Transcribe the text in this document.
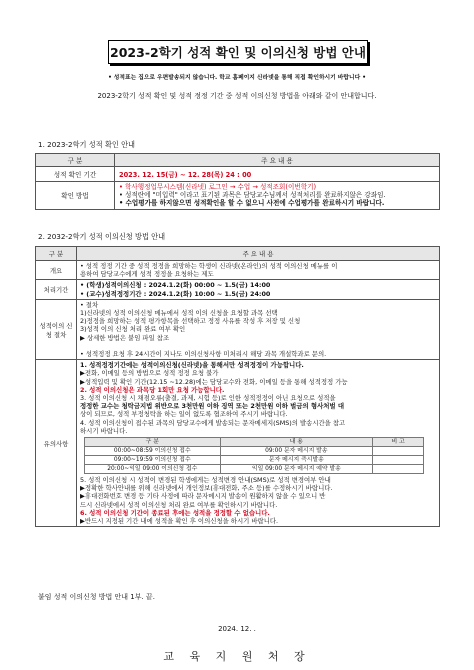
2023-2학기 성적 확인 및 이의신청 방법 안내
• 성적표는 집으로 우편발송되지 않습니다. 학교 홈페이지 신라넷을 통해 직접 확인하시기 바랍니다 •
2023-2학기 성적 확인 및 성적 정정 기간 중 성적 이의신청 방법을 아래와 같이 안내합니다.
1. 2023-2학기 성적 확인 안내
구 분	주 요 내 용
성적 확인 기간	2023. 12. 15(금) ~ 12. 28(목) 24 : 00
확인 방법	• 학사행정업무시스템(신라넷) 로그인 → 수업 → 성적조회(이번학기)
• 성적란에 "미입력" 이라고 표기된 과목은 담당교수님께서 성적처리를 완료하지않은 강좌임.
• 수업평가를 하지않으면 성적확인을 할 수 없으니 사전에 수업평가를 완료하시기 바랍니다.
2. 2032-2학기 성적 이의신청 방법 안내
구 분	주 요 내 용
개요	
• 성적 정정 기간 중 성적 정정을 희망하는 학생이 신라넷(온라인)의 성적 이의신청 메뉴를 이
용하여 담당교수에게 성적 정정을 요청하는 제도

처리기간	
• (학생)성적이의신청 : 2024.1.2(화) 00:00 ~ 1.5(금) 14:00
• (교수)성적정정기간 : 2024.1.2(화) 10:00 ~ 1.5(금) 24:00

성적이의 신청 절차	
• 절차
1)신라넷의 성적 이의신청 메뉴에서 성적 이의 신청을 요청할 과목 선택
2)정정을 희망하는 성적 평가항목을 선택하고 정정 사유를 작성 후 저장 및 신청
3)성적 이의 신청 처리 완료 여부 확인
▶ 상세한 방법은 붙임 파일 참조

• 성적정정 요청 후 24시간이 지나도 이의신청사항 미처리시 해당 과목 개설학과로 문의.

유의사항	
1. 성적정정기간에는 성적이의신청(신라넷)을 통해서만 성적정정이 가능합니다.
▶전화, 이메일 등의 방법으로 성적 정정 요청 불가
▶성적입력 및 확인 기간(12.15 ~12.28)에는 담당교수와 전화, 이메일 등을 통해 성적정정 가능
2. 성적 이의신청은 과목당 1회만 요청 가능합니다.
3. 성적 이의신청 시 채점오류(출결, 과제, 시험 등)로 인한 성적정정이 아닌 요청으로 성적을
정정한 교수는 청탁금지법 위반으로 3천만원 이하 징역 또는 2천만원 이하 벌금의 형사처벌 대
상이 되므로, 성적 부정청탁을 하는 일이 없도록 협조하여 주시기 바랍니다.
4. 성적 이의신청이 접수된 과목의 담당교수에게 발송되는 문자메세지(SMS)의 발송시간을 참고
하시기 바랍니다.
구 분	내 용	비 고
00:00~08:59 이의신청 접수	09:00 문자 메시지 발송	
09:00~19:59 이의신청 접수	문자 메시지 즉시발송	
20:00~익일 09:00 이의신청 접수	익일 09:00 문자 메시지 예약 발송	
5. 성적 이의신청 시 성적이 변경된 학생에게는 성적변경 안내(SMS)로 성적 변경여부 안내
▶정확한 학사안내를 위해 신라넷에서 개인정보(휴대전화, 주소 등)를 수정하시기 바랍니다.
▶휴대전화번호 변경 등 기타 사정에 따라 문자메시지 발송이 원활하지 않을 수 있으니 반
드시 신라넷에서 성적 이의신청 처리 완료 여부를 확인하시기 바랍니다.
6. 성적 이의신청 기간이 종료된 후에는 성적을 정정할 수 없습니다.
▶반드시 지정된 기간 내에 성적을 확인 후 이의신청을 하시기 바랍니다.
붙임 성적 이의신청 방법 안내 1부. 끝.
2024. 12. .
교 육 지 원 처 장
